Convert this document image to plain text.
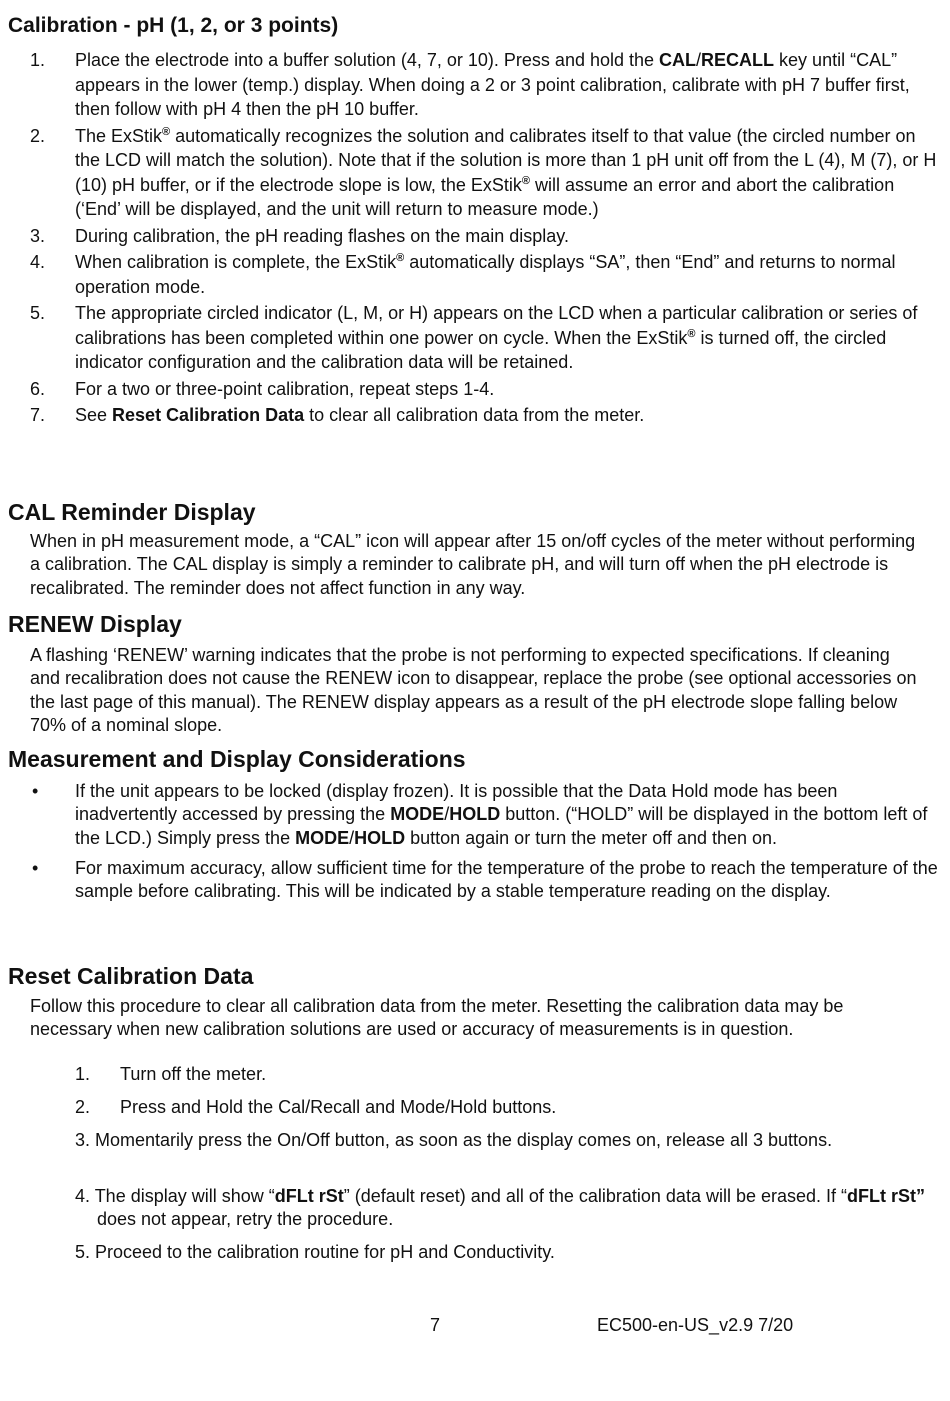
Calibration - pH (1, 2, or 3 points)
1. Place the electrode into a buffer solution (4, 7, or 10). Press and hold the CAL/RECALL key until “CAL” appears in the lower (temp.) display. When doing a 2 or 3 point calibration, calibrate with pH 7 buffer first, then follow with pH 4 then the pH 10 buffer.
2. The ExStik® automatically recognizes the solution and calibrates itself to that value (the circled number on the LCD will match the solution). Note that if the solution is more than 1 pH unit off from the L (4), M (7), or H (10) pH buffer, or if the electrode slope is low, the ExStik® will assume an error and abort the calibration (‘End’ will be displayed, and the unit will return to measure mode.)
3. During calibration, the pH reading flashes on the main display.
4. When calibration is complete, the ExStik® automatically displays “SA”, then “End” and returns to normal operation mode.
5. The appropriate circled indicator (L, M, or H) appears on the LCD when a particular calibration or series of calibrations has been completed within one power on cycle. When the ExStik® is turned off, the circled indicator configuration and the calibration data will be retained.
6. For a two or three-point calibration, repeat steps 1-4.
7. See Reset Calibration Data to clear all calibration data from the meter.
CAL Reminder Display

When in pH measurement mode, a “CAL” icon will appear after 15 on/off cycles of the meter without performing a calibration. The CAL display is simply a reminder to calibrate pH, and will turn off when the pH electrode is recalibrated. The reminder does not affect function in any way.

RENEW Display

A flashing ‘RENEW’ warning indicates that the probe is not performing to expected specifications. If cleaning and recalibration does not cause the RENEW icon to disappear, replace the probe (see optional accessories on the last page of this manual). The RENEW display appears as a result of the pH electrode slope falling below 70% of a nominal slope.

Measurement and Display Considerations
• If the unit appears to be locked (display frozen). It is possible that the Data Hold mode has been inadvertently accessed by pressing the MODE/HOLD button. (“HOLD” will be displayed in the bottom left of the LCD.) Simply press the MODE/HOLD button again or turn the meter off and then on.
• For maximum accuracy, allow sufficient time for the temperature of the probe to reach the temperature of the sample before calibrating. This will be indicated by a stable temperature reading on the display.
Reset Calibration Data

Follow this procedure to clear all calibration data from the meter. Resetting the calibration data may be necessary when new calibration solutions are used or accuracy of measurements is in question.

1. Turn off the meter.
2. Press and Hold the Cal/Recall and Mode/Hold buttons.
3. Momentarily press the On/Off button, as soon as the display comes on, release all 3 buttons.
4. The display will show “dFLt rSt” (default reset) and all of the calibration data will be erased. If “dFLt rSt” does not appear, retry the procedure.
5. Proceed to the calibration routine for pH and Conductivity.
7	EC500-en-US_v2.9 7/20
